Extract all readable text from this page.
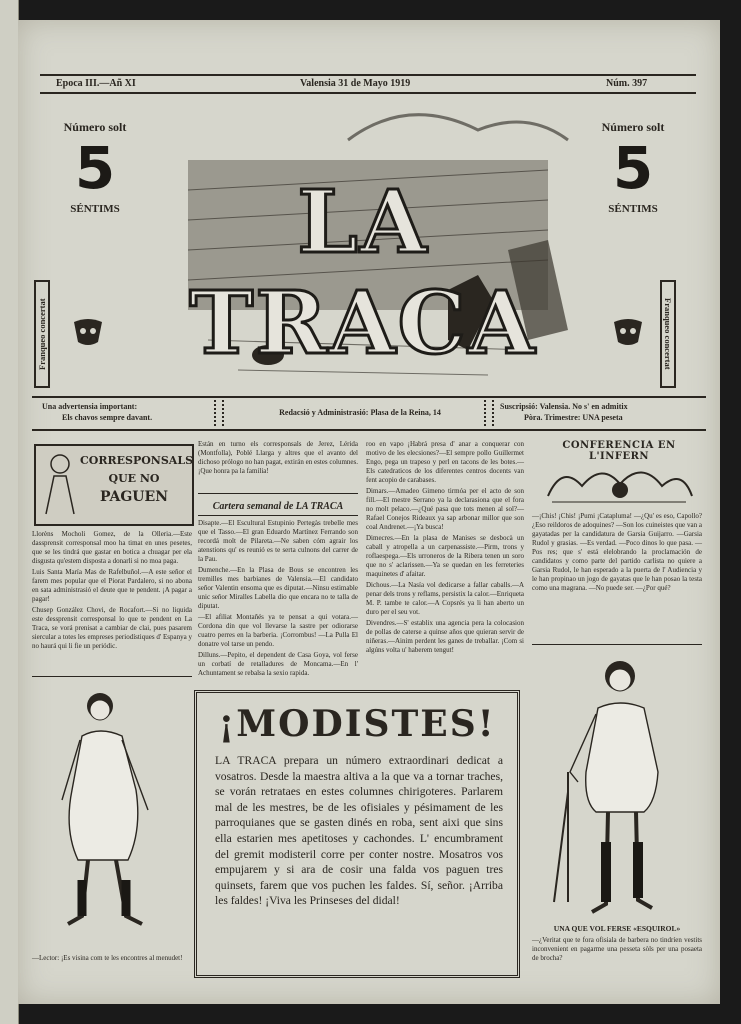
Epoca III.—Añ XI	Valensia 31 de Mayo 1919	Núm. 397
Número solt
5
SÉNTIMS
Franqueo concertat
Número solt
5
SÉNTIMS
Franqueo concertat
LA TRACA
Una advertensia important:
Els chavos sempre davant.
Redacsió y Administrasió: Plasa de la Reina, 14
Suscripsió: Valensia. No s' en admitix
Pòra. Trimestre: UNA peseta
CORRESPONSALS
QUE NO
PAGUEN
Llorèns Mocholi Gomez, de la Olleria.—Este dassprensit corresponsal moo ha timat en unes pesetes, que se les tindrá que gastar en botica a chuagar per ela disgusta qu'estem disposta a donarli si no moa paga.
Luis Santa María Mas de Rafelbuñol.—A este señor el farem mes popular que el Piorat Pardalero, si no abona en sata administrasió el deute que te pendent. ¡A pagar a pagar!
Chusep González Chovi, de Rocafort.—Si no liquida este dessprensit corresponsal lo que te pendent en La Traca, se vorá prenisat a cambiar de clai, pues pasarem siercular a totes les empreses periodístiques d' Espanya y no haurá qui li fie un periódic.
—Lector: ¡Es visina com te les encontres al menudet!
Están en turno els corresponsals de Jerez, Lérida (Montfolla), Poblé Llarga y altres que el avanto del dichoso prólogo no han pagat, extirán en estes columnes. ¡Que honra pa la familia!
Cartera semanal de LA TRACA
Disapte.—El Escultural Estupinio Pertegàs trebelle mes que el Tasso.—El gran Eduardo Martínez Ferrando son recordá molt de Pilareta.—Ne saben cóm agrair los atenstions qu' es reunió es te serta culnons del carrer de la Pau.
Dumenche.—En la Plasa de Bous se encontren les tremilles mes barbianes de Valensia.—El candidato señor Valentin ensoma que es diputat.—Ninsu estimable unic señor Miralles Labella dio que encara no te talla de diputat.
—El afiliat Montañés ya te pensat a qui votara.—Cordona din que vol llevarse la sastre per odiorarse cuatro perres en la barberia. ¡Corrombus! —La Pulla El donatre vol tarse un pendo.
Dilluns.—Pepito, el dependent de Casa Goya, vol ferse un corbatí de retalladures de Moncama.—En l' Achuntament se rebalsa la sexio rapida.
roo en vapo ¡Habrá presa d' anar a conquerar con motivo de les elecsiones?—El sempre pollo Guillermet Engo, pega un trapeso y perl en tacons de les botes.—Els catedraticos de los diferentes centros docents van fent acopio de carabases.
Dimars.—Amadeo Gimeno tirmóa per el acto de son fill.—El mestre Serrano ya la declarasiona que el fora no molt pelaco.—¿Qué pasa que tots menen al sol?—Rafael Conejos Rideaux ya sap arbonar millor que son coal Andrenet.—¡Ya busca!
Dimecres.—En la plasa de Manises se desbocà un caball y atropella a un carpenassiste.—Pirm, trons y roflaespega.—Els urroneros de la Ribera tenen un soro que no s' aclarissen.—Ya se quedan en les ferreteries maquinetes d' afaitar.
Dichous.—La Nasía vol dedicarse a fallar caballs.—A penar dels trons y reflams, persistix la calor.—Enriqueta M. P. tambe te calor.—A Copsrés ya li han aberto un duro per el seu vot.
Divendres.—S' establix una agencia pera la colocasion de pollas de caterse a quinse años que quieran servir de niñeras.—Ainim perdent les ganes de treballar. ¡Com si algúns volta u' haberem tengut!
¡MODISTES!
LA TRACA prepara un número extraordinari dedicat a vosatros. Desde la maestra altiva a la que va a tornar traches, se vorán retrataes en estes columnes chirigoteres. Parlarem mal de les mestres, be de les ofisiales y pésimament de les parroquianes que se gasten dinés en roba, sent aixi que sins ella estarien mes apetitoses y cachondes. L' encumbrament del gremit modisteril corre per conter nostre. Mosatros vos empujarem y si ara de cosir una falda vos paguen tres quinsets, farem que vos puchen les faldes. Sí, señor. ¡Arriba les faldes! ¡Viva les Prinseses del didal!
CONFERENCIA EN L'INFERN
—¡Chis! ¡Chis! ¡Pumi ¡Catapluma! —¿Qu' es eso, Capollo? ¿Eso reildoros de adoquines? —Son los cuineistes que van a gayatadas per la candidatura de Garsia Guijarro. —Garsia Rudol y grasias. —Es verdad. —Poco dinos lo que pasa. —Pos res; que s' está elelobrando la proclamación de candidatos y como parte del partido carlista no quiere a Garsia Rudol, le han esperado a la puerta de l' Audiencia y le han propinao un jogo de gayatas que le han posao la testa como una magrana. —No puede ser. —¿Por qué?
UNA QUE VOL FERSE «ESQUIROL»
—¿Veritat que te fora ofisiala de barbera no tindríen vestits inconvenient en pagarme una pesseta sòls per una posaeta de brocha?
